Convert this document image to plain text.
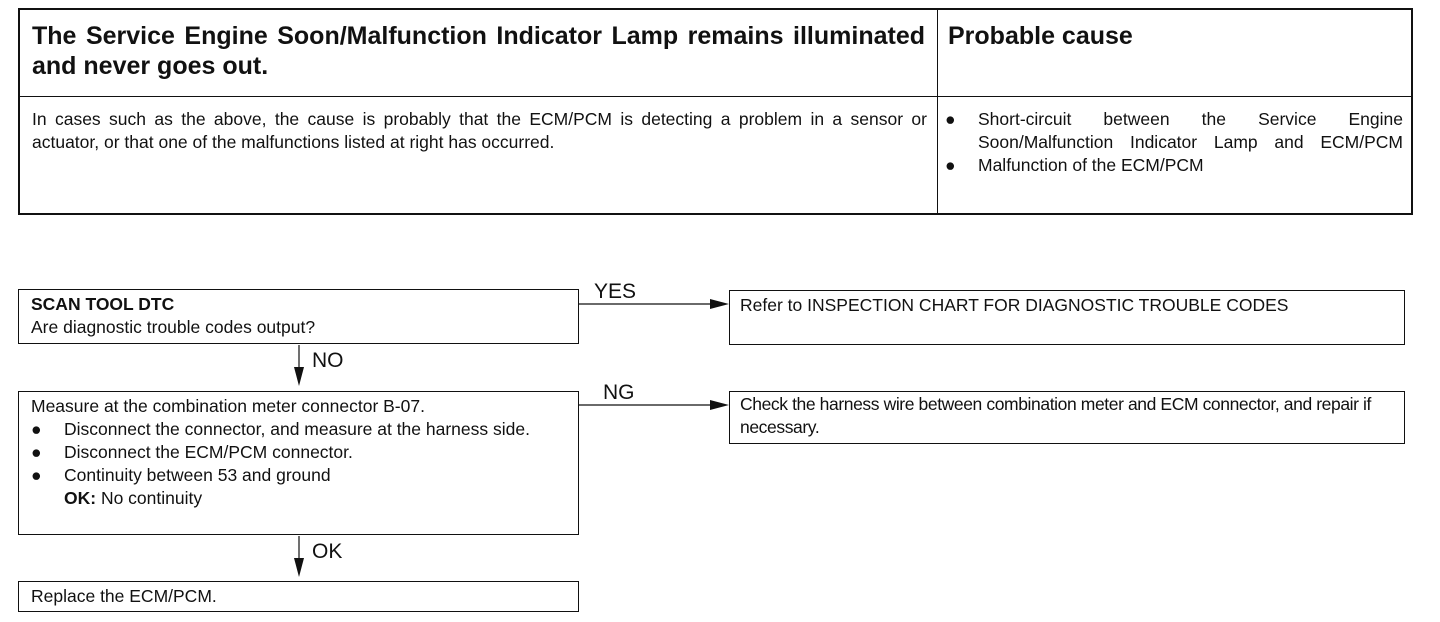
The Service Engine Soon/Malfunction Indicator Lamp remains illuminated and never goes out.
Probable cause
In cases such as the above, the cause is probably that the ECM/PCM is detecting a problem in a sensor or actuator, or that one of the malfunctions listed at right has occurred.
● Short-circuit between the Service Engine Soon/Malfunction Indicator Lamp and ECM/PCM
● Malfunction of the ECM/PCM
YES
NO
NG
OK
SCAN TOOL DTC
Are diagnostic trouble codes output?
Measure at the combination meter connector B-07.
● Disconnect the connector, and measure at the harness side.
● Disconnect the ECM/PCM connector.
● Continuity between 53 and ground
OK: No continuity
Replace the ECM/PCM.
Refer to INSPECTION CHART FOR DIAGNOSTIC TROUBLE CODES
Check the harness wire between combination meter and ECM connector, and repair if necessary.
